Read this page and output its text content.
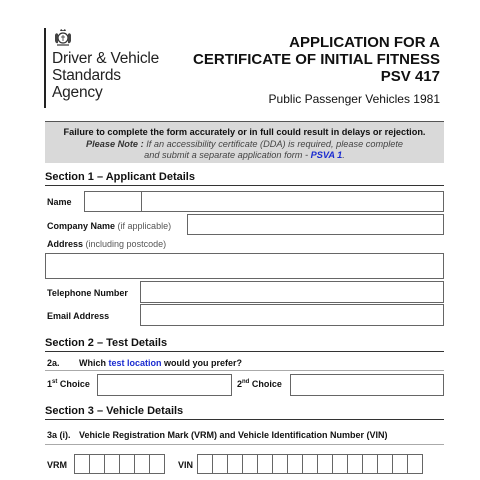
Driver & Vehicle
Standards
Agency
APPLICATION FOR A
CERTIFICATE OF INITIAL FITNESS
PSV 417
Public Passenger Vehicles 1981
Failure to complete the form accurately or in full could result in delays or rejection.
Please Note : If an accessibility certificate (DDA) is required, please complete
and submit a separate application form - PSVA 1.
Section 1 – Applicant Details
Name
Company Name (if applicable)
Address (including postcode)
Telephone Number
Email Address
Section 2 – Test Details
2a. Which test location would you prefer?
1st Choice	2nd Choice
Section 3 – Vehicle Details
3a (i). Vehicle Registration Mark (VRM) and Vehicle Identification Number (VIN)
VRM	VIN
